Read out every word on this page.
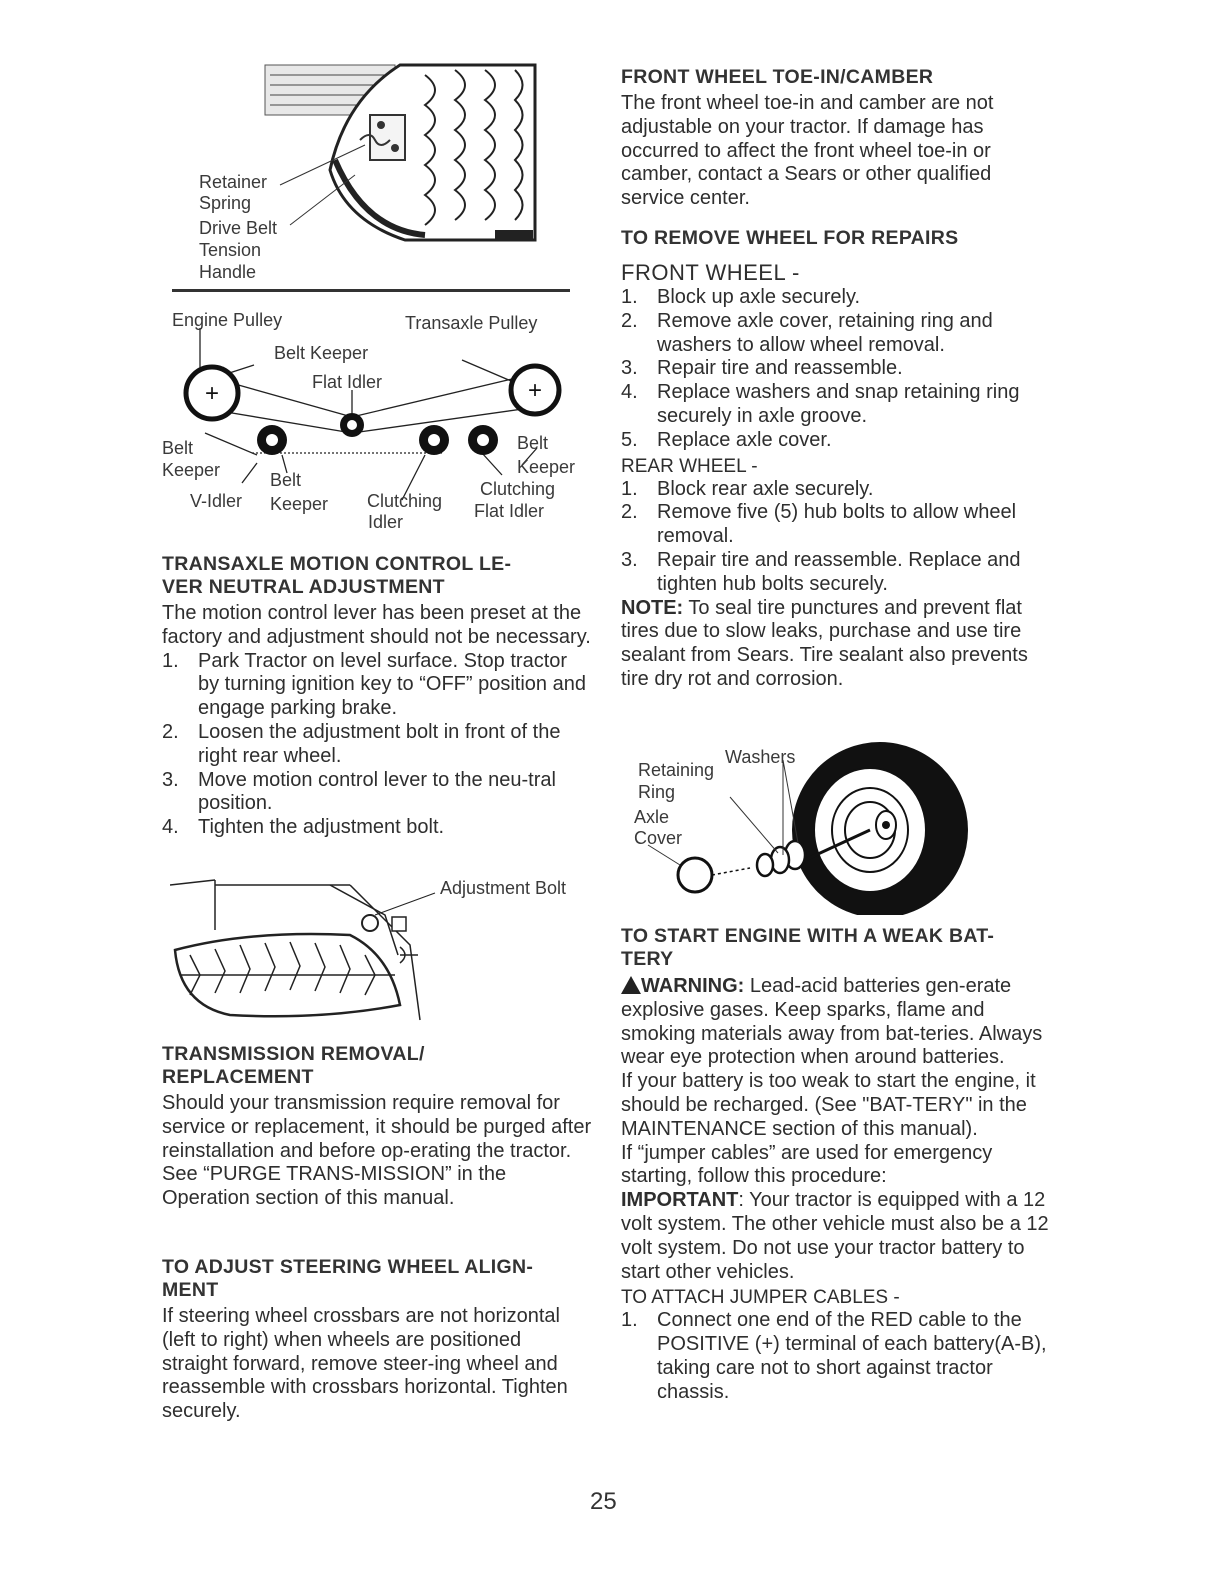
Retainer
Spring
Drive Belt
Tension
Handle
+	+
Engine Pulley	Transaxle Pulley
Belt Keeper
Flat Idler
Belt
Keeper
Belt
Keeper
Belt
Keeper
V-Idler	Clutching
Idler
Clutching
Flat Idler

TRANSAXLE MOTION CONTROL LE-

VER NEUTRAL ADJUSTMENT

The motion control lever has been preset at the factory and adjustment should not be necessary.

1. Park Tractor on level surface. Stop tractor by turning ignition key to “OFF” position and engage parking brake.
2. Loosen the adjustment bolt in front of the right rear wheel.
3. Move motion control lever to the neu-tral position.
4. Tighten the adjustment bolt.
Adjustment Bolt

TRANSMISSION REMOVAL/

REPLACEMENT

Should your transmission require removal for service or replacement, it should be purged after reinstallation and before op-erating the tractor. See “PURGE TRANS-MISSION” in the Operation section of this manual.

TO ADJUST STEERING WHEEL ALIGN-

MENT

If steering wheel crossbars are not horizontal (left to right) when wheels are positioned straight forward, remove steer-ing wheel and reassemble with crossbars horizontal. Tighten securely.

FRONT WHEEL TOE-IN/CAMBER

The front wheel toe-in and camber are not adjustable on your tractor. If damage has occurred to affect the front wheel toe-in or camber, contact a Sears or other qualified service center.

TO REMOVE WHEEL FOR REPAIRS

FRONT WHEEL -

1. Block up axle securely.
2. Remove axle cover, retaining ring and washers to allow wheel removal.
3. Repair tire and reassemble.
4. Replace washers and snap retaining ring securely in axle groove.
5. Replace axle cover.

REAR WHEEL -

1. Block rear axle securely.
2. Remove five (5) hub bolts to allow wheel removal.
3. Repair tire and reassemble. Replace and tighten hub bolts securely.

NOTE: To seal tire punctures and prevent flat tires due to slow leaks, purchase and use tire sealant from Sears. Tire sealant also prevents tire dry rot and corrosion.

Retaining
Ring
Washers
Axle
Cover

TO START ENGINE WITH A WEAK BAT-

TERY

WARNING: Lead-acid batteries gen-erate explosive gases. Keep sparks, flame and smoking materials away from bat-teries. Always wear eye protection when around batteries.

If your battery is too weak to start the engine, it should be recharged. (See "BAT-TERY" in the MAINTENANCE section of this manual).

If “jumper cables” are used for emergency starting, follow this procedure:

IMPORTANT: Your tractor is equipped with a 12 volt system. The other vehicle must also be a 12 volt system. Do not use your tractor battery to start other vehicles.

TO ATTACH JUMPER CABLES -

1. Connect one end of the RED cable to the POSITIVE (+) terminal of each battery(A-B), taking care not to short against tractor chassis.
25
